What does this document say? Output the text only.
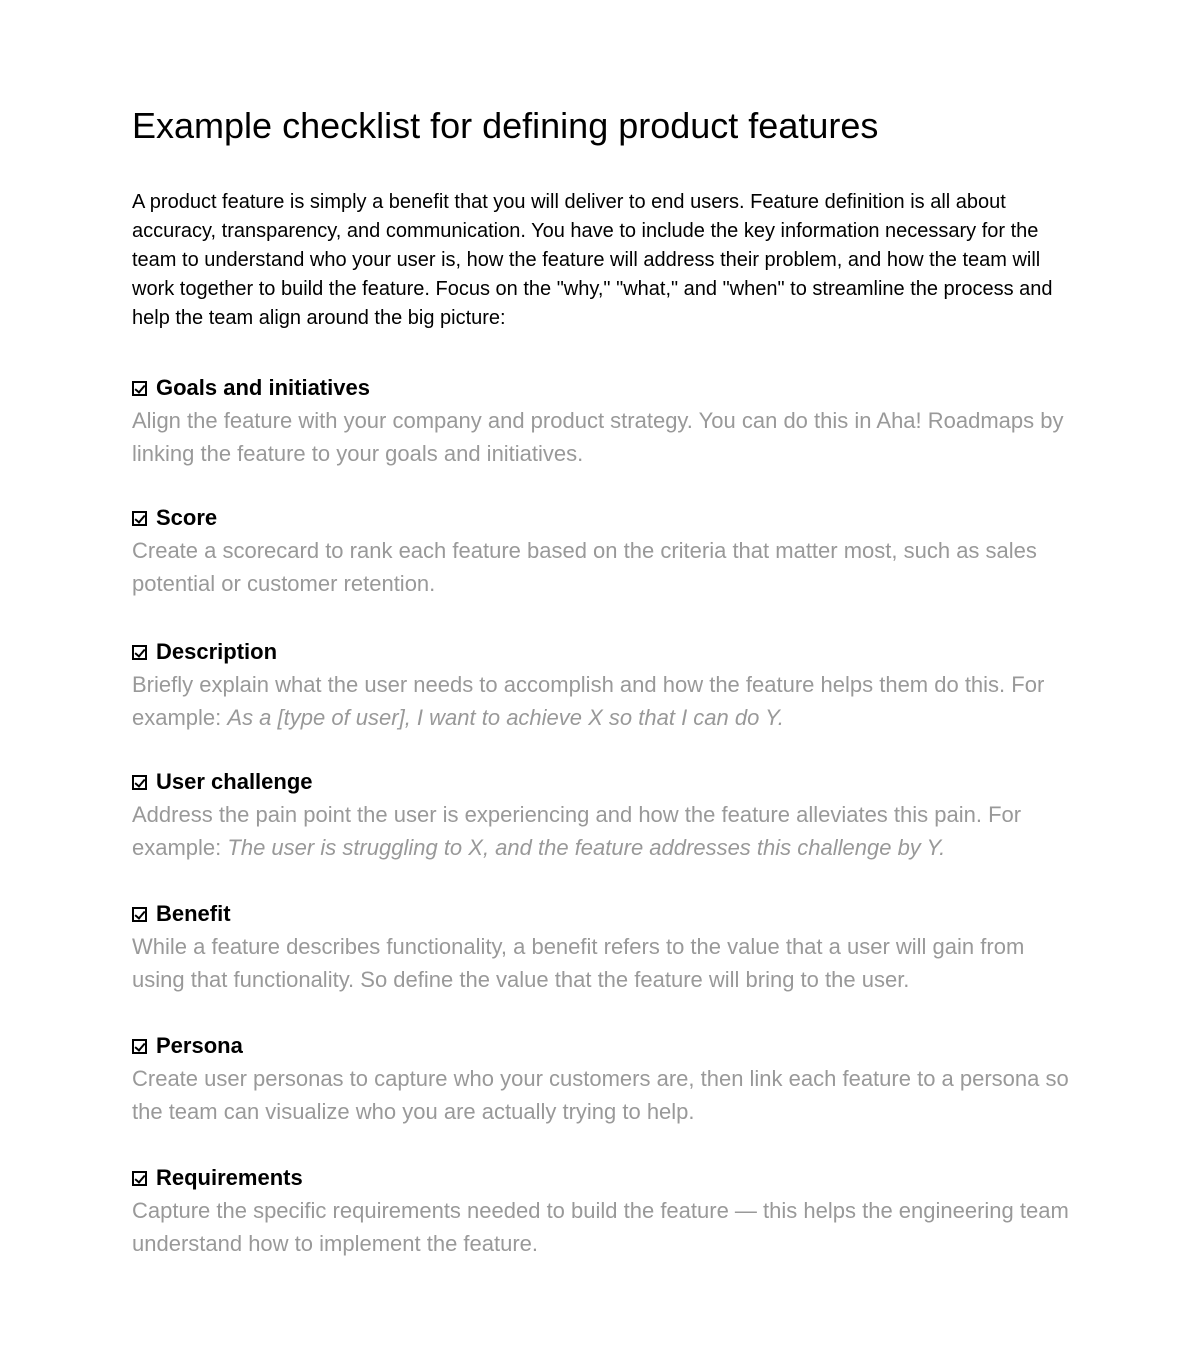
Example checklist for defining product features

A product feature is simply a benefit that you will deliver to end users. Feature definition is all about accuracy, transparency, and communication. You have to include the key information necessary for the team to understand who your user is, how the feature will address their problem, and how the team will work together to build the feature. Focus on the "why," "what," and "when" to streamline the process and help the team align around the big picture:

Goals and initiatives

Align the feature with your company and product strategy. You can do this in Aha! Roadmaps by linking the feature to your goals and initiatives.

Score

Create a scorecard to rank each feature based on the criteria that matter most, such as sales potential or customer retention.

Description

Briefly explain what the user needs to accomplish and how the feature helps them do this. For example: As a [type of user], I want to achieve X so that I can do Y.

User challenge

Address the pain point the user is experiencing and how the feature alleviates this pain. For example: The user is struggling to X, and the feature addresses this challenge by Y.

Benefit

While a feature describes functionality, a benefit refers to the value that a user will gain from using that functionality. So define the value that the feature will bring to the user.

Persona

Create user personas to capture who your customers are, then link each feature to a persona so the team can visualize who you are actually trying to help.

Requirements

Capture the specific requirements needed to build the feature — this helps the engineering team understand how to implement the feature.
